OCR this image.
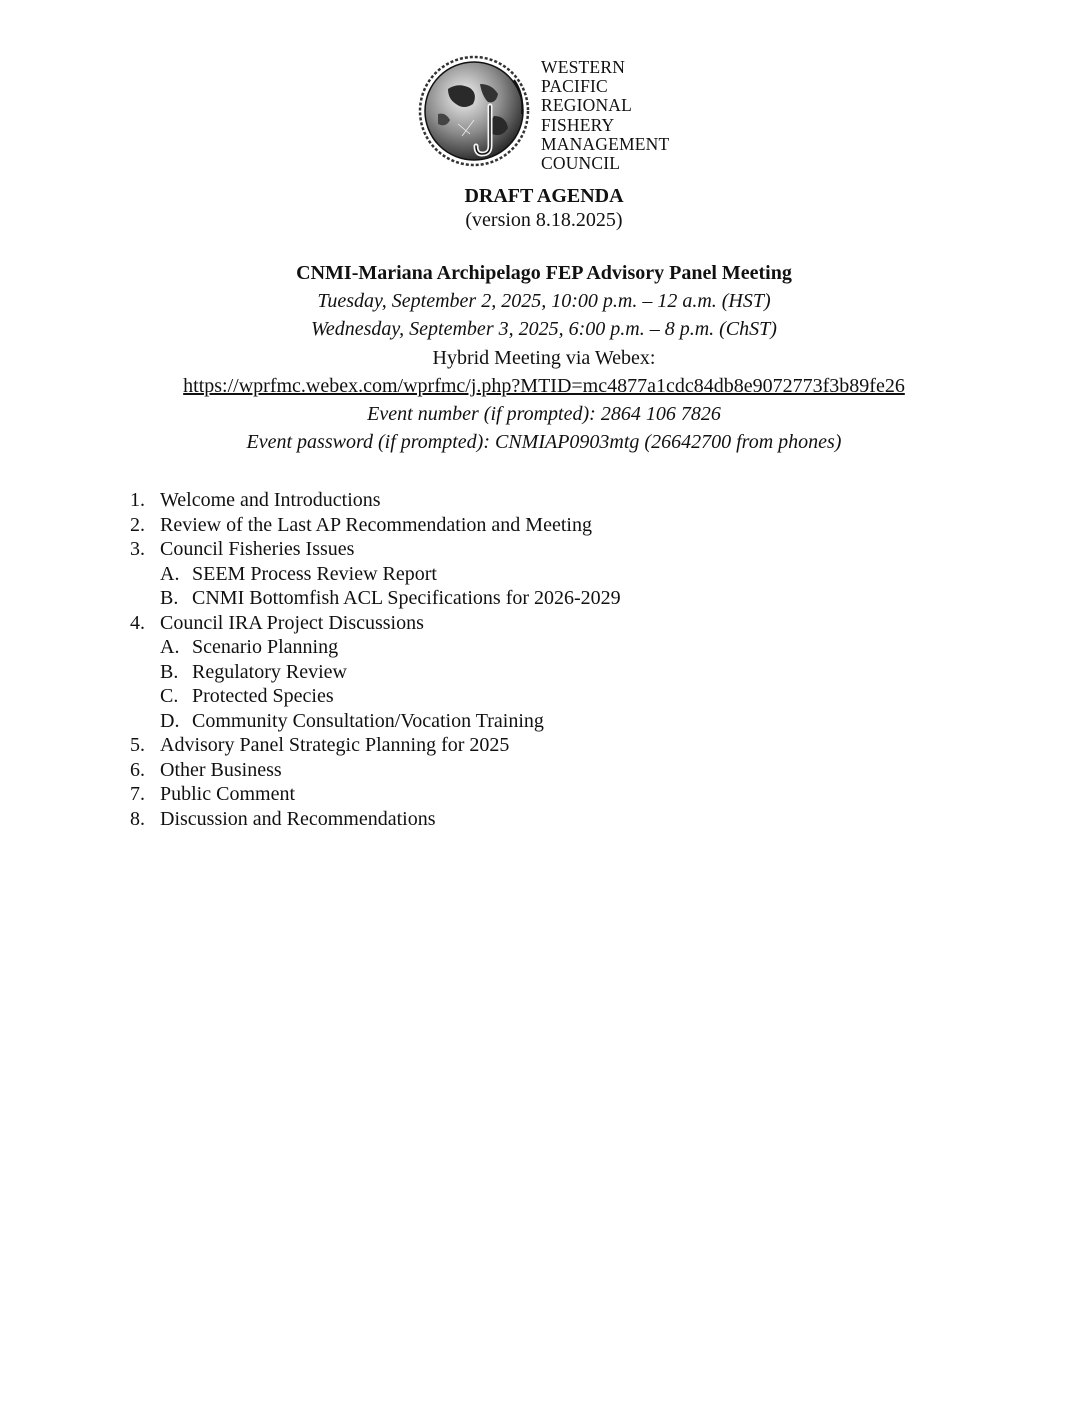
WESTERN
PACIFIC
REGIONAL
FISHERY
MANAGEMENT
COUNCIL
DRAFT AGENDA
(version 8.18.2025)
CNMI-Mariana Archipelago FEP Advisory Panel Meeting
Tuesday, September 2, 2025, 10:00 p.m. – 12 a.m. (HST)
Wednesday, September 3, 2025, 6:00 p.m. – 8 p.m. (ChST)
Hybrid Meeting via Webex:
https://wprfmc.webex.com/wprfmc/j.php?MTID=mc4877a1cdc84db8e9072773f3b89fe26
Event number (if prompted): 2864 106 7826
Event password (if prompted): CNMIAP0903mtg (26642700 from phones)
1. Welcome and Introductions
2. Review of the Last AP Recommendation and Meeting
3. Council Fisheries Issues
A. SEEM Process Review Report
B. CNMI Bottomfish ACL Specifications for 2026-2029
4. Council IRA Project Discussions
A. Scenario Planning
B. Regulatory Review
C. Protected Species
D. Community Consultation/Vocation Training
5. Advisory Panel Strategic Planning for 2025
6. Other Business
7. Public Comment
8. Discussion and Recommendations
